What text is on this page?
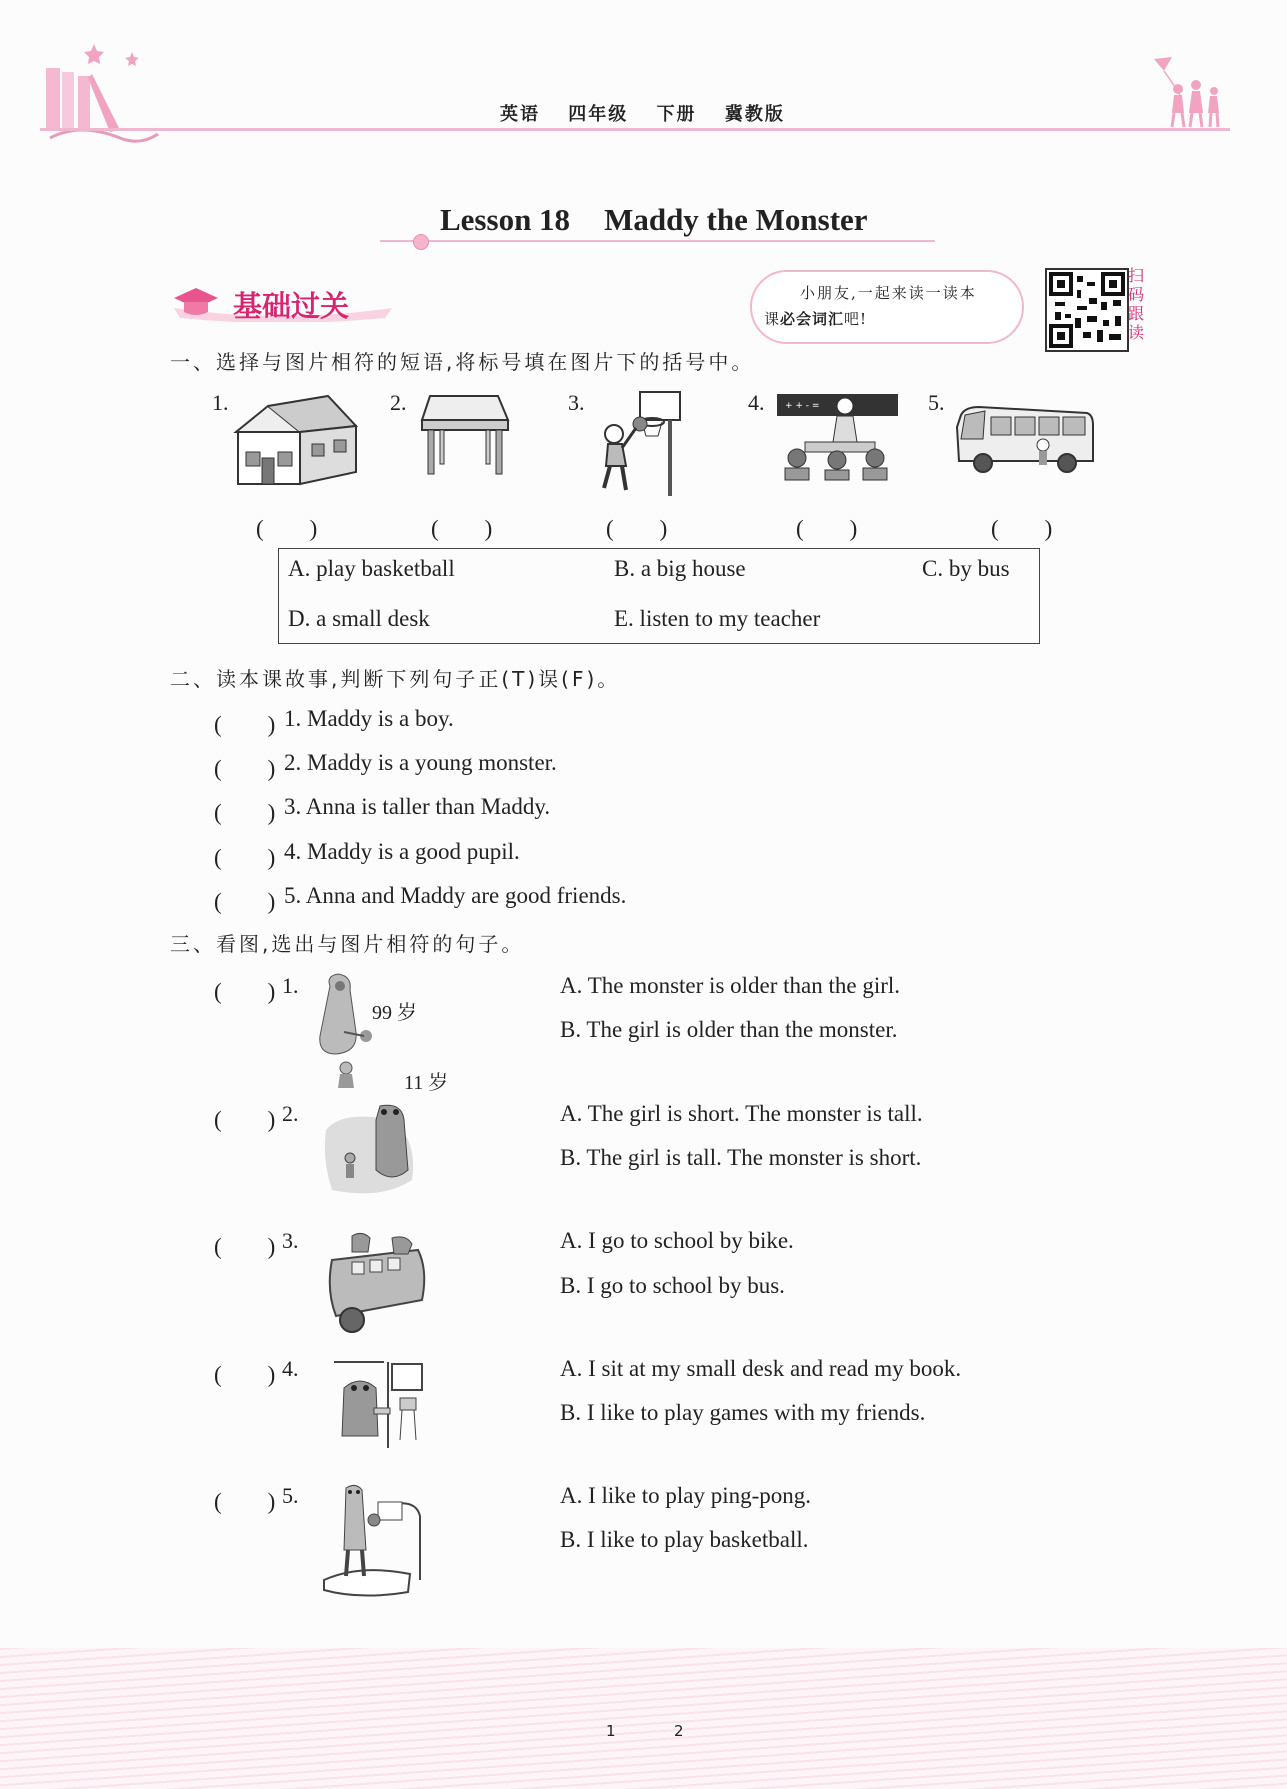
英语 四年级 下册 冀教版
Lesson 18 Maddy the Monster
基础过关	小朋友,一起来读一读本
课必会词汇吧!
扫码跟读
一、选择与图片相符的短语,将标号填在图片下的括号中。
1.	2.	3.	4.	5.
+ + - =
(　　)	(　　)	(　　)	(　　)	(　　)
A. play basketball	B. a big house	C. by bus
D. a small desk	E. listen to my teacher
二、读本课故事,判断下列句子正(T)误(F)。
(　　) 1. Maddy is a boy.
(　　) 2. Maddy is a young monster.
(　　) 3. Anna is taller than Maddy.
(　　) 4. Maddy is a good pupil.
(　　) 5. Anna and Maddy are good friends.
三、看图,选出与图片相符的句子。
(　　) 1.
99 岁
11 岁
A. The monster is older than the girl.
B. The girl is older than the monster.
(　　) 2.	A. The girl is short. The monster is tall.
B. The girl is tall. The monster is short.
(　　) 3.	A. I go to school by bike.
B. I go to school by bus.
(　　) 4.	A. I sit at my small desk and read my book.
B. I like to play games with my friends.
(　　) 5.	A. I like to play ping-pong.
B. I like to play basketball.
1	2
